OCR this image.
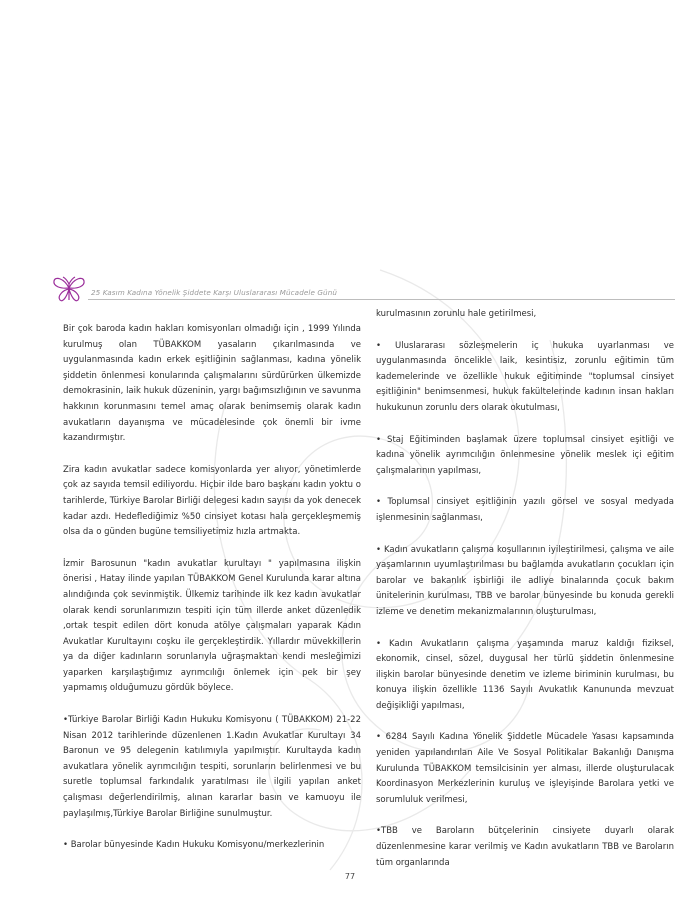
25 Kasım Kadına Yönelik Şiddete Karşı Uluslararası Mücadele Günü

Bir çok baroda kadın hakları komisyonları olmadığı için , 1999 Yılında kurulmuş olan TÜBAKKOM yasaların çıkarılmasında ve uygulanmasında kadın erkek eşitliğinin sağlanması, kadına yönelik şiddetin önlenmesi konularında çalışmalarını sürdürürken ülkemizde demokrasinin, laik hukuk düzeninin, yargı bağımsızlığının ve savunma hakkının korunmasını temel amaç olarak benimsemiş olarak kadın avukatların dayanışma ve mücadelesinde çok önemli bir ivme kazandırmıştır.

Zira kadın avukatlar sadece komisyonlarda yer alıyor, yönetimlerde çok az sayıda temsil ediliyordu. Hiçbir ilde baro başkanı kadın yoktu o tarihlerde, Türkiye Barolar Birliği delegesi kadın sayısı da yok denecek kadar azdı. Hedeflediğimiz %50 cinsiyet kotası hala gerçekleşmemiş olsa da o günden bugüne temsiliyetimiz hızla artmakta.

İzmir Barosunun "kadın avukatlar kurultayı " yapılmasına ilişkin önerisi , Hatay ilinde yapılan TÜBAKKOM Genel Kurulunda karar altına alındığında çok sevinmiştik. Ülkemiz tarihinde ilk kez kadın avukatlar olarak kendi sorunlarımızın tespiti için tüm illerde anket düzenledik ,ortak tespit edilen dört konuda atölye çalışmaları yaparak Kadın Avukatlar Kurultayını coşku ile gerçekleştirdik. Yıllardır müvekkillerin ya da diğer kadınların sorunlarıyla uğraşmaktan kendi mesleğimizi yaparken karşılaştığımız ayrımcılığı önlemek için pek bir şey yapmamış olduğumuzu gördük böylece.

•Türkiye Barolar Birliği Kadın Hukuku Komisyonu ( TÜBAKKOM) 21-22 Nisan 2012 tarihlerinde düzenlenen 1.Kadın Avukatlar Kurultayı 34 Baronun ve 95 delegenin katılımıyla yapılmıştır. Kurultayda kadın avukatlara yönelik ayrımcılığın tespiti, sorunların belirlenmesi ve bu suretle toplumsal farkındalık yaratılması ile ilgili yapılan anket çalışması değerlendirilmiş, alınan kararlar basın ve kamuoyu ile paylaşılmış,Türkiye Barolar Birliğine sunulmuştur.

• Barolar bünyesinde Kadın Hukuku Komisyonu/merkezlerinin

kurulmasının zorunlu hale getirilmesi,

• Uluslararası sözleşmelerin iç hukuka uyarlanması ve uygulanmasında öncelikle laik, kesintisiz, zorunlu eğitimin tüm kademelerinde ve özellikle hukuk eğitiminde "toplumsal cinsiyet eşitliğinin" benimsenmesi, hukuk fakültelerinde kadının insan hakları hukukunun zorunlu ders olarak okutulması,

• Staj Eğitiminden başlamak üzere toplumsal cinsiyet eşitliği ve kadına yönelik ayrımcılığın önlenmesine yönelik meslek içi eğitim çalışmalarının yapılması,

• Toplumsal cinsiyet eşitliğinin yazılı görsel ve sosyal medyada işlenmesinin sağlanması,

• Kadın avukatların çalışma koşullarının iyileştirilmesi, çalışma ve aile yaşamlarının uyumlaştırılması bu bağlamda avukatların çocukları için barolar ve bakanlık işbirliği ile adliye binalarında çocuk bakım ünitelerinin kurulması, TBB ve barolar bünyesinde bu konuda gerekli izleme ve denetim mekanizmalarının oluşturulması,

• Kadın Avukatların çalışma yaşamında maruz kaldığı fiziksel, ekonomik, cinsel, sözel, duygusal her türlü şiddetin önlenmesine ilişkin barolar bünyesinde denetim ve izleme biriminin kurulması, bu konuya ilişkin özellikle 1136 Sayılı Avukatlık Kanununda mevzuat değişikliği yapılması,

• 6284 Sayılı Kadına Yönelik Şiddetle Mücadele Yasası kapsamında yeniden yapılandırılan Aile Ve Sosyal Politikalar Bakanlığı Danışma Kurulunda TÜBAKKOM temsilcisinin yer alması, illerde oluşturulacak Koordinasyon Merkezlerinin kuruluş ve işleyişinde Barolara yetki ve sorumluluk verilmesi,

•TBB ve Baroların bütçelerinin cinsiyete duyarlı olarak düzenlenmesine karar verilmiş ve Kadın avukatların TBB ve Baroların tüm organlarında

77
